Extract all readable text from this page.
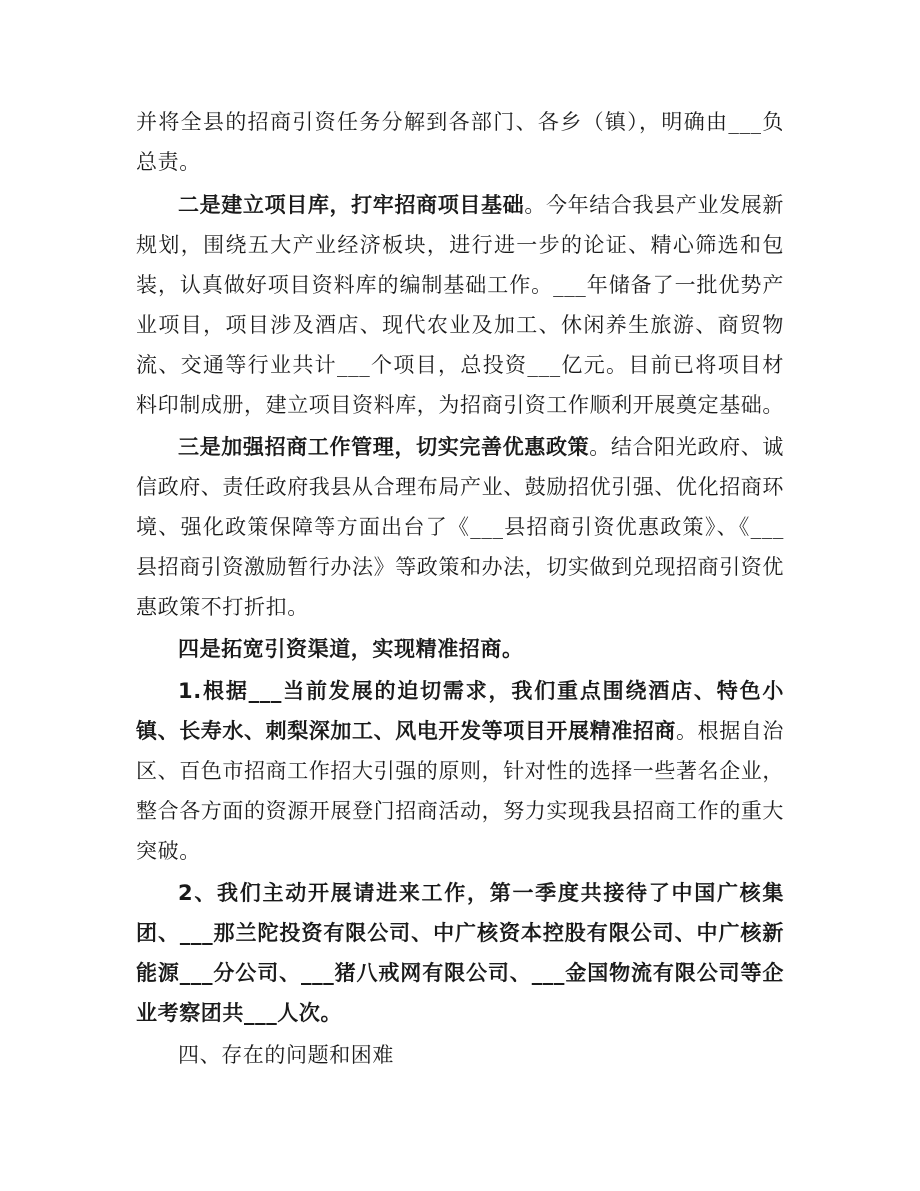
并将全县的招商引资任务分解到各部门、各乡（镇），明确由___负总责。

二是建立项目库，打牢招商项目基础。今年结合我县产业发展新规划，围绕五大产业经济板块，进行进一步的论证、精心筛选和包装，认真做好项目资料库的编制基础工作。___年储备了一批优势产业项目，项目涉及酒店、现代农业及加工、休闲养生旅游、商贸物流、交通等行业共计___个项目，总投资___亿元。目前已将项目材料印制成册，建立项目资料库，为招商引资工作顺利开展奠定基础。

三是加强招商工作管理，切实完善优惠政策。结合阳光政府、诚信政府、责任政府我县从合理布局产业、鼓励招优引强、优化招商环境、强化政策保障等方面出台了《___县招商引资优惠政策》、《___县招商引资激励暂行办法》等政策和办法，切实做到兑现招商引资优惠政策不打折扣。

四是拓宽引资渠道，实现精准招商。

1.根据___当前发展的迫切需求，我们重点围绕酒店、特色小镇、长寿水、刺梨深加工、风电开发等项目开展精准招商。根据自治区、百色市招商工作招大引强的原则，针对性的选择一些著名企业，整合各方面的资源开展登门招商活动，努力实现我县招商工作的重大突破。

2、我们主动开展请进来工作，第一季度共接待了中国广核集团、___那兰陀投资有限公司、中广核资本控股有限公司、中广核新能源___分公司、___猪八戒网有限公司、___金国物流有限公司等企业考察团共___人次。

四、存在的问题和困难
